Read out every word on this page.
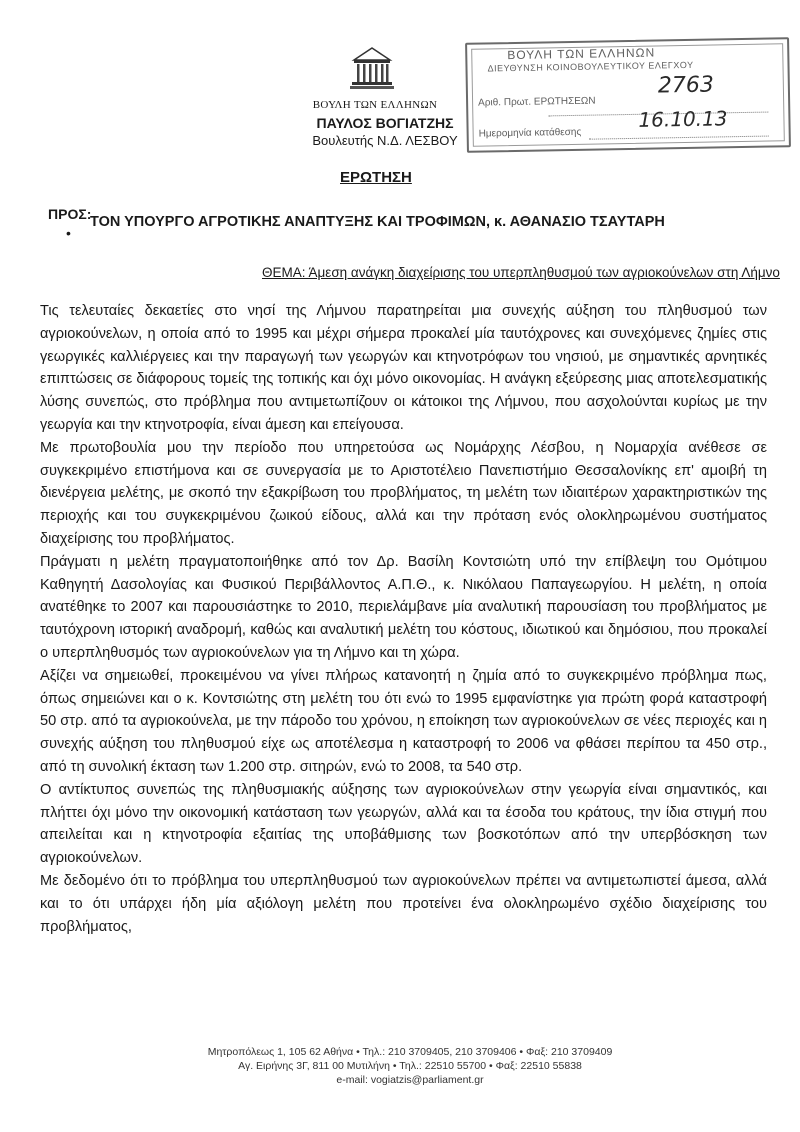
ΒΟΥΛΗ ΤΩΝ ΕΛΛΗΝΩΝ
ΠΑΥΛΟΣ ΒΟΓΙΑΤΖΗΣ
Βουλευτής Ν.Δ. ΛΕΣΒΟΥ
ΒΟΥΛΗ ΤΩΝ ΕΛΛΗΝΩΝ
ΔΙΕΥΘΥΝΣΗ ΚΟΙΝΟΒΟΥΛΕΥΤΙΚΟΥ ΕΛΕΓΧΟΥ
Αριθ. Πρωτ. ΕΡΩΤΗΣΕΩΝ
Ημερομηνία κατάθεσης
2763
16.10.13
ΕΡΩΤΗΣΗ
ΠΡΟΣ:
•
ΤΟΝ ΥΠΟΥΡΓΟ ΑΓΡΟΤΙΚΗΣ ΑΝΑΠΤΥΞΗΣ ΚΑΙ ΤΡΟΦΙΜΩΝ, κ. ΑΘΑΝΑΣΙΟ ΤΣΑΥΤΑΡΗ
ΘΕΜΑ: Άμεση ανάγκη διαχείρισης του υπερπληθυσμού των αγριοκούνελων στη Λήμνο

Τις τελευταίες δεκαετίες στο νησί της Λήμνου παρατηρείται μια συνεχής αύξηση του πληθυσμού των αγριοκούνελων, η οποία από το 1995 και μέχρι σήμερα προκαλεί μία ταυτόχρονες και συνεχόμενες ζημίες στις γεωργικές καλλιέργειες και την παραγωγή των γεωργών και κτηνοτρόφων του νησιού, με σημαντικές αρνητικές επιπτώσεις σε διάφορους τομείς της τοπικής και όχι μόνο οικονομίας. Η ανάγκη εξεύρεσης μιας αποτελεσματικής λύσης συνεπώς, στο πρόβλημα που αντιμετωπίζουν οι κάτοικοι της Λήμνου, που ασχολούνται κυρίως με την γεωργία και την κτηνοτροφία, είναι άμεση και επείγουσα.

Με πρωτοβουλία μου την περίοδο που υπηρετούσα ως Νομάρχης Λέσβου, η Νομαρχία ανέθεσε σε συγκεκριμένο επιστήμονα και σε συνεργασία με το Αριστοτέλειο Πανεπιστήμιο Θεσσαλονίκης επ' αμοιβή τη διενέργεια μελέτης, με σκοπό την εξακρίβωση του προβλήματος, τη μελέτη των ιδιαιτέρων χαρακτηριστικών της περιοχής και του συγκεκριμένου ζωικού είδους, αλλά και την πρόταση ενός ολοκληρωμένου συστήματος διαχείρισης του προβλήματος.

Πράγματι η μελέτη πραγματοποιήθηκε από τον Δρ. Βασίλη Κοντσιώτη υπό την επίβλεψη του Ομότιμου Καθηγητή Δασολογίας και Φυσικού Περιβάλλοντος Α.Π.Θ., κ. Νικόλαου Παπαγεωργίου. Η μελέτη, η οποία ανατέθηκε το 2007 και παρουσιάστηκε το 2010, περιελάμβανε μία αναλυτική παρουσίαση του προβλήματος με ταυτόχρονη ιστορική αναδρομή, καθώς και αναλυτική μελέτη του κόστους, ιδιωτικού και δημόσιου, που προκαλεί ο υπερπληθυσμός των αγριοκούνελων για τη Λήμνο και τη χώρα.

Αξίζει να σημειωθεί, προκειμένου να γίνει πλήρως κατανοητή η ζημία από το συγκεκριμένο πρόβλημα πως, όπως σημειώνει και ο κ. Κοντσιώτης στη μελέτη του ότι ενώ το 1995 εμφανίστηκε για πρώτη φορά καταστροφή 50 στρ. από τα αγριοκούνελα, με την πάροδο του χρόνου, η εποίκηση των αγριοκούνελων σε νέες περιοχές και η συνεχής αύξηση του πληθυσμού είχε ως αποτέλεσμα η καταστροφή το 2006 να φθάσει περίπου τα 450 στρ., από τη συνολική έκταση των 1.200 στρ. σιτηρών, ενώ το 2008, τα 540 στρ.

Ο αντίκτυπος συνεπώς της πληθυσμιακής αύξησης των αγριοκούνελων στην γεωργία είναι σημαντικός, και πλήττει όχι μόνο την οικονομική κατάσταση των γεωργών, αλλά και τα έσοδα του κράτους, την ίδια στιγμή που απειλείται και η κτηνοτροφία εξαιτίας της υποβάθμισης των βοσκοτόπων από την υπερβόσκηση των αγριοκούνελων.

Με δεδομένο ότι το πρόβλημα του υπερπληθυσμού των αγριοκούνελων πρέπει να αντιμετωπιστεί άμεσα, αλλά και το ότι υπάρχει ήδη μία αξιόλογη μελέτη που προτείνει ένα ολοκληρωμένο σχέδιο διαχείρισης του προβλήματος,

Μητροπόλεως 1, 105 62 Αθήνα • Τηλ.: 210 3709405, 210 3709406 • Φαξ: 210 3709409
Αγ. Ειρήνης 3Γ, 811 00 Μυτιλήνη • Τηλ.: 22510 55700 • Φαξ: 22510 55838
e-mail: vogiatzis@parliament.gr
